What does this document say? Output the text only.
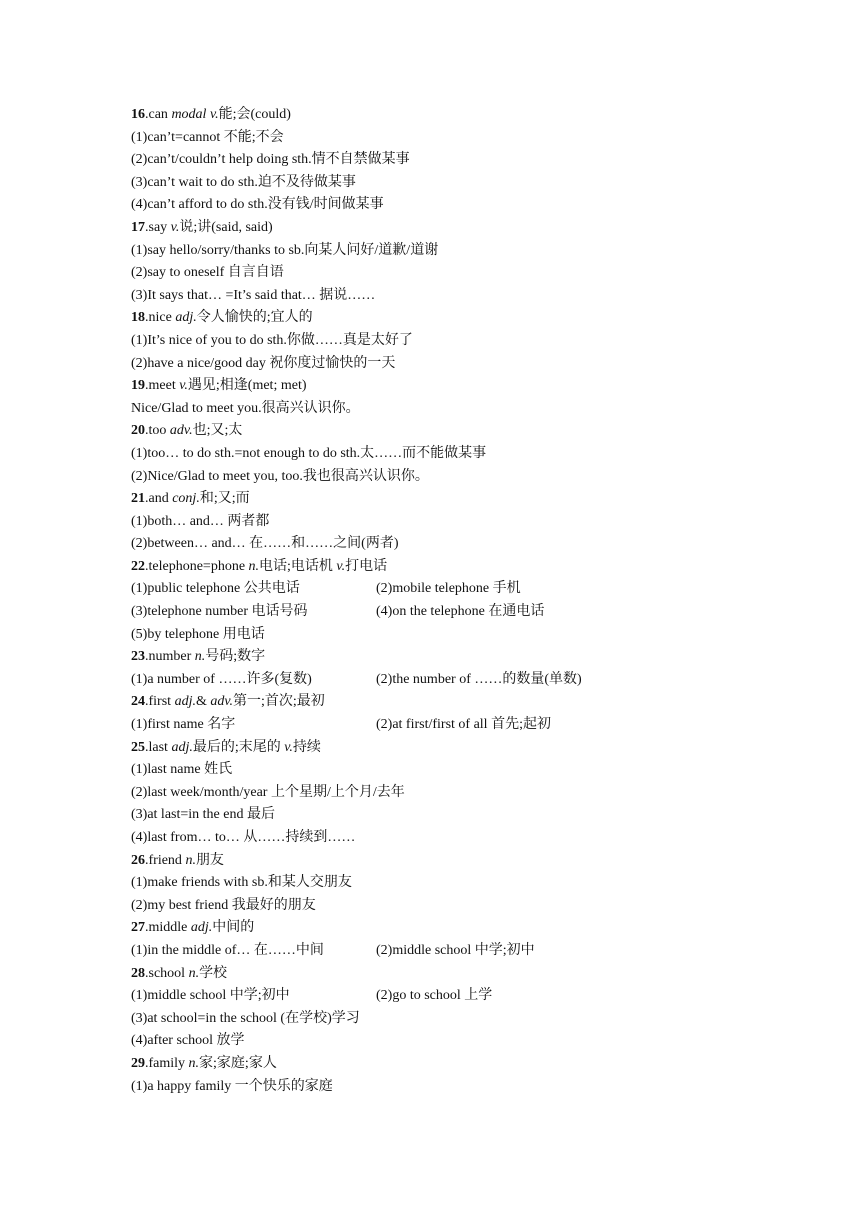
16.can modal v.能;会(could)
(1)can’t=cannot 不能;不会
(2)can’t/couldn’t help doing sth.情不自禁做某事
(3)can’t wait to do sth.迫不及待做某事
(4)can’t afford to do sth.没有钱/时间做某事
17.say v.说;讲(said, said)
(1)say hello/sorry/thanks to sb.向某人问好/道歉/道谢
(2)say to oneself 自言自语
(3)It says that… =It’s said that… 据说……
18.nice adj.令人愉快的;宜人的
(1)It’s nice of you to do sth.你做……真是太好了
(2)have a nice/good day 祝你度过愉快的一天
19.meet v.遇见;相逢(met; met)
Nice/Glad to meet you.很高兴认识你。
20.too adv.也;又;太
(1)too… to do sth.=not enough to do sth.太……而不能做某事
(2)Nice/Glad to meet you, too.我也很高兴认识你。
21.and conj.和;又;而
(1)both… and… 两者都
(2)between… and… 在……和……之间(两者)
22.telephone=phone n.电话;电话机 v.打电话
(1)public telephone 公共电话	(2)mobile telephone 手机
(3)telephone number 电话号码	(4)on the telephone 在通电话
(5)by telephone 用电话
23.number n.号码;数字
(1)a number of ……许多(复数)	(2)the number of ……的数量(单数)
24.first adj.& adv.第一;首次;最初
(1)first name 名字	(2)at first/first of all 首先;起初
25.last adj.最后的;末尾的 v.持续
(1)last name 姓氏
(2)last week/month/year 上个星期/上个月/去年
(3)at last=in the end 最后
(4)last from… to… 从……持续到……
26.friend n.朋友
(1)make friends with sb.和某人交朋友
(2)my best friend 我最好的朋友
27.middle adj.中间的
(1)in the middle of… 在……中间	(2)middle school 中学;初中
28.school n.学校
(1)middle school 中学;初中	(2)go to school 上学
(3)at school=in the school (在学校)学习
(4)after school 放学
29.family n.家;家庭;家人
(1)a happy family 一个快乐的家庭
